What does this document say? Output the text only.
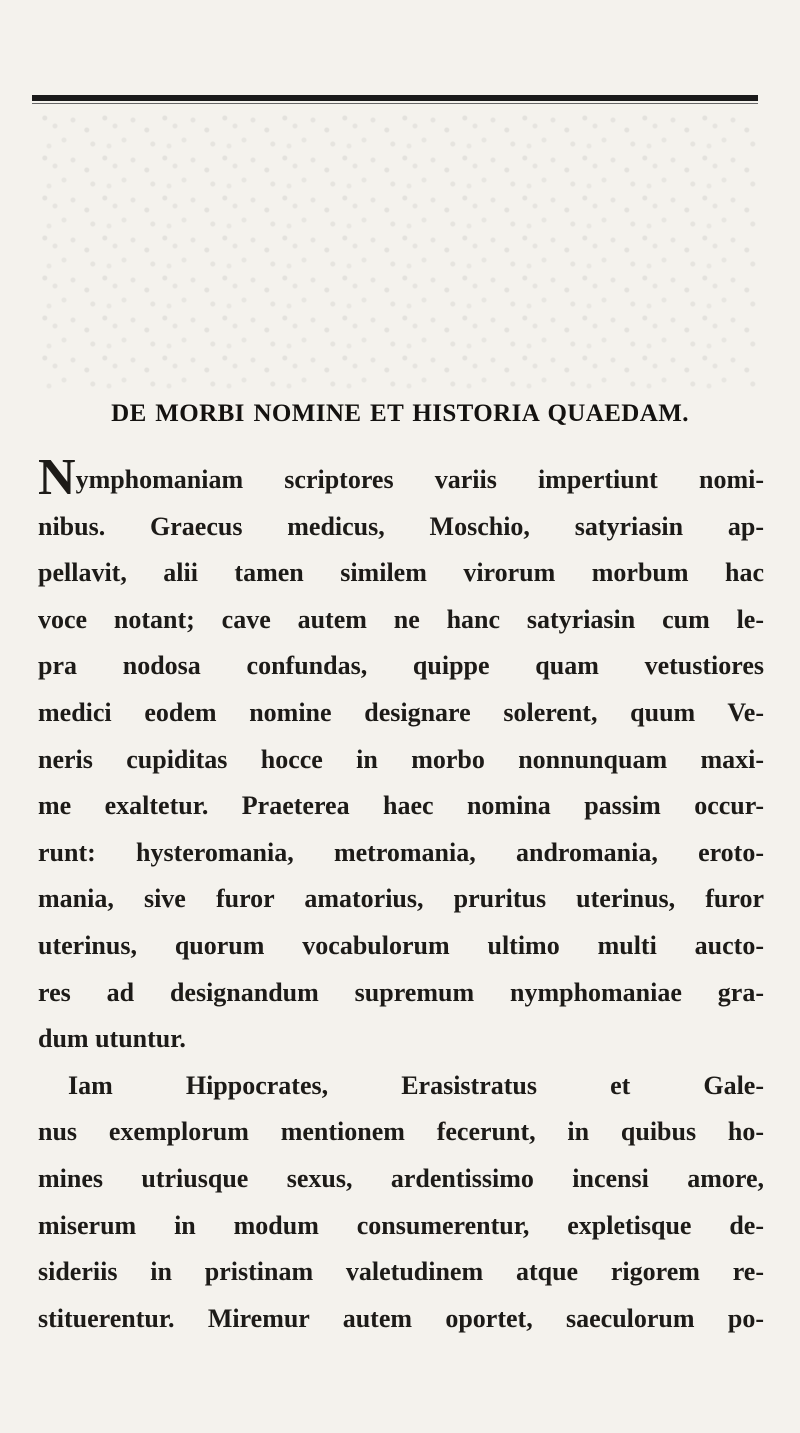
DE MORBI NOMINE ET HISTORIA QUAEDAM.
Nymphomaniam scriptores variis impertiunt nomi-
nibus. Graecus medicus, Moschio, satyriasin ap-
pellavit, alii tamen similem virorum morbum hac
voce notant; cave autem ne hanc satyriasin cum le-
pra nodosa confundas, quippe quam vetustiores
medici eodem nomine designare solerent, quum Ve-
neris cupiditas hocce in morbo nonnunquam maxi-
me exaltetur. Praeterea haec nomina passim occur-
runt: hysteromania, metromania, andromania, eroto-
mania, sive furor amatorius, pruritus uterinus, furor
uterinus, quorum vocabulorum ultimo multi aucto-
res ad designandum supremum nymphomaniae gra-
dum utuntur.
Iam Hippocrates, Erasistratus et Gale-
nus exemplorum mentionem fecerunt, in quibus ho-
mines utriusque sexus, ardentissimo incensi amore,
miserum in modum consumerentur, expletisque de-
sideriis in pristinam valetudinem atque rigorem re-
stituerentur. Miremur autem oportet, saeculorum po-
